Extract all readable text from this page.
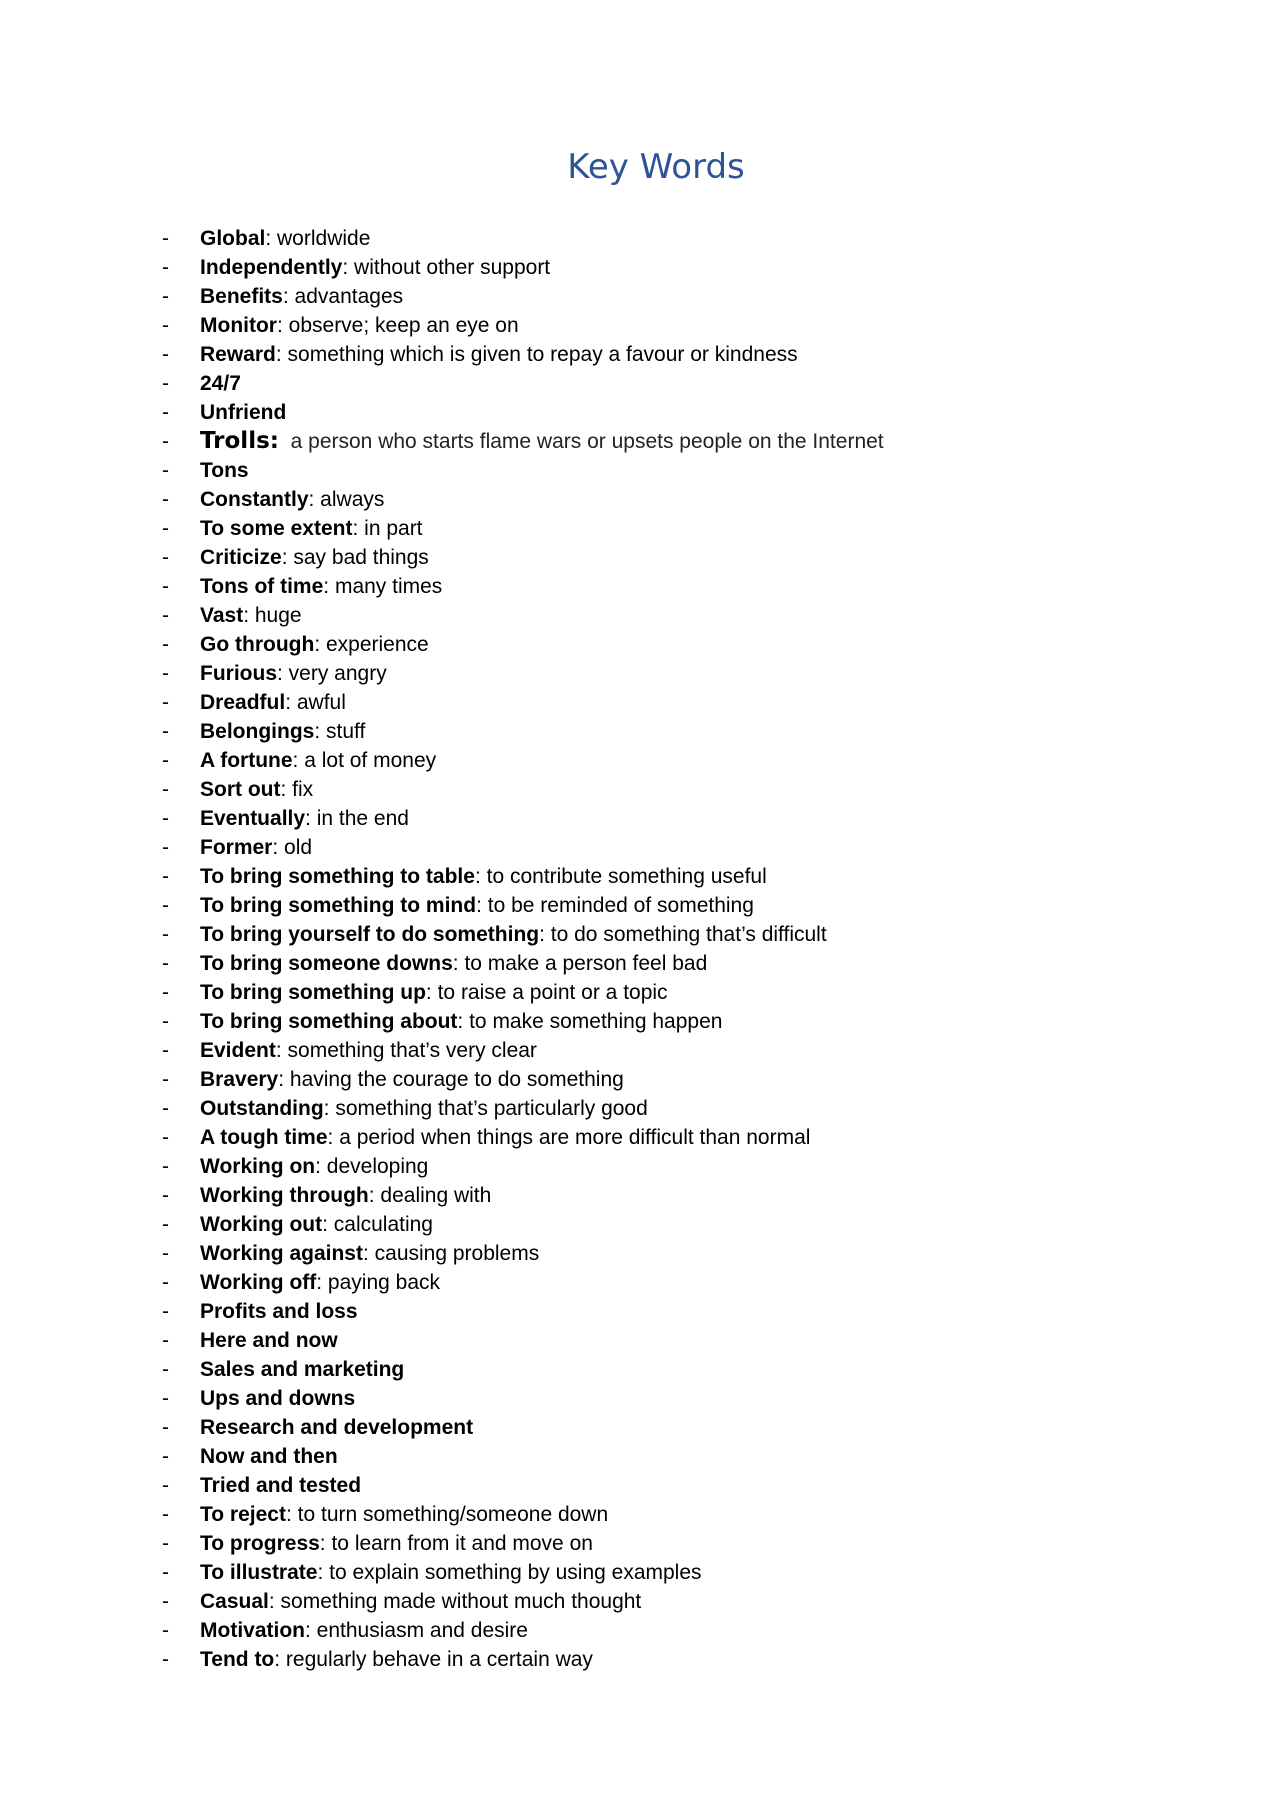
Key Words
- Global: worldwide
- Independently: without other support
- Benefits: advantages
- Monitor: observe; keep an eye on
- Reward: something which is given to repay a favour or kindness
- 24/7
- Unfriend
- Trolls:  a person who starts flame wars or upsets people on the Internet
- Tons
- Constantly: always
- To some extent: in part
- Criticize: say bad things
- Tons of time: many times
- Vast: huge
- Go through: experience
- Furious: very angry
- Dreadful: awful
- Belongings: stuff
- A fortune: a lot of money
- Sort out: fix
- Eventually: in the end
- Former: old
- To bring something to table: to contribute something useful
- To bring something to mind: to be reminded of something
- To bring yourself to do something: to do something that’s difficult
- To bring someone downs: to make a person feel bad
- To bring something up: to raise a point or a topic
- To bring something about: to make something happen
- Evident: something that’s very clear
- Bravery: having the courage to do something
- Outstanding: something that’s particularly good
- A tough time: a period when things are more difficult than normal
- Working on: developing
- Working through: dealing with
- Working out: calculating
- Working against: causing problems
- Working off: paying back
- Profits and loss
- Here and now
- Sales and marketing
- Ups and downs
- Research and development
- Now and then
- Tried and tested
- To reject: to turn something/someone down
- To progress: to learn from it and move on
- To illustrate: to explain something by using examples
- Casual: something made without much thought
- Motivation: enthusiasm and desire
- Tend to: regularly behave in a certain way
